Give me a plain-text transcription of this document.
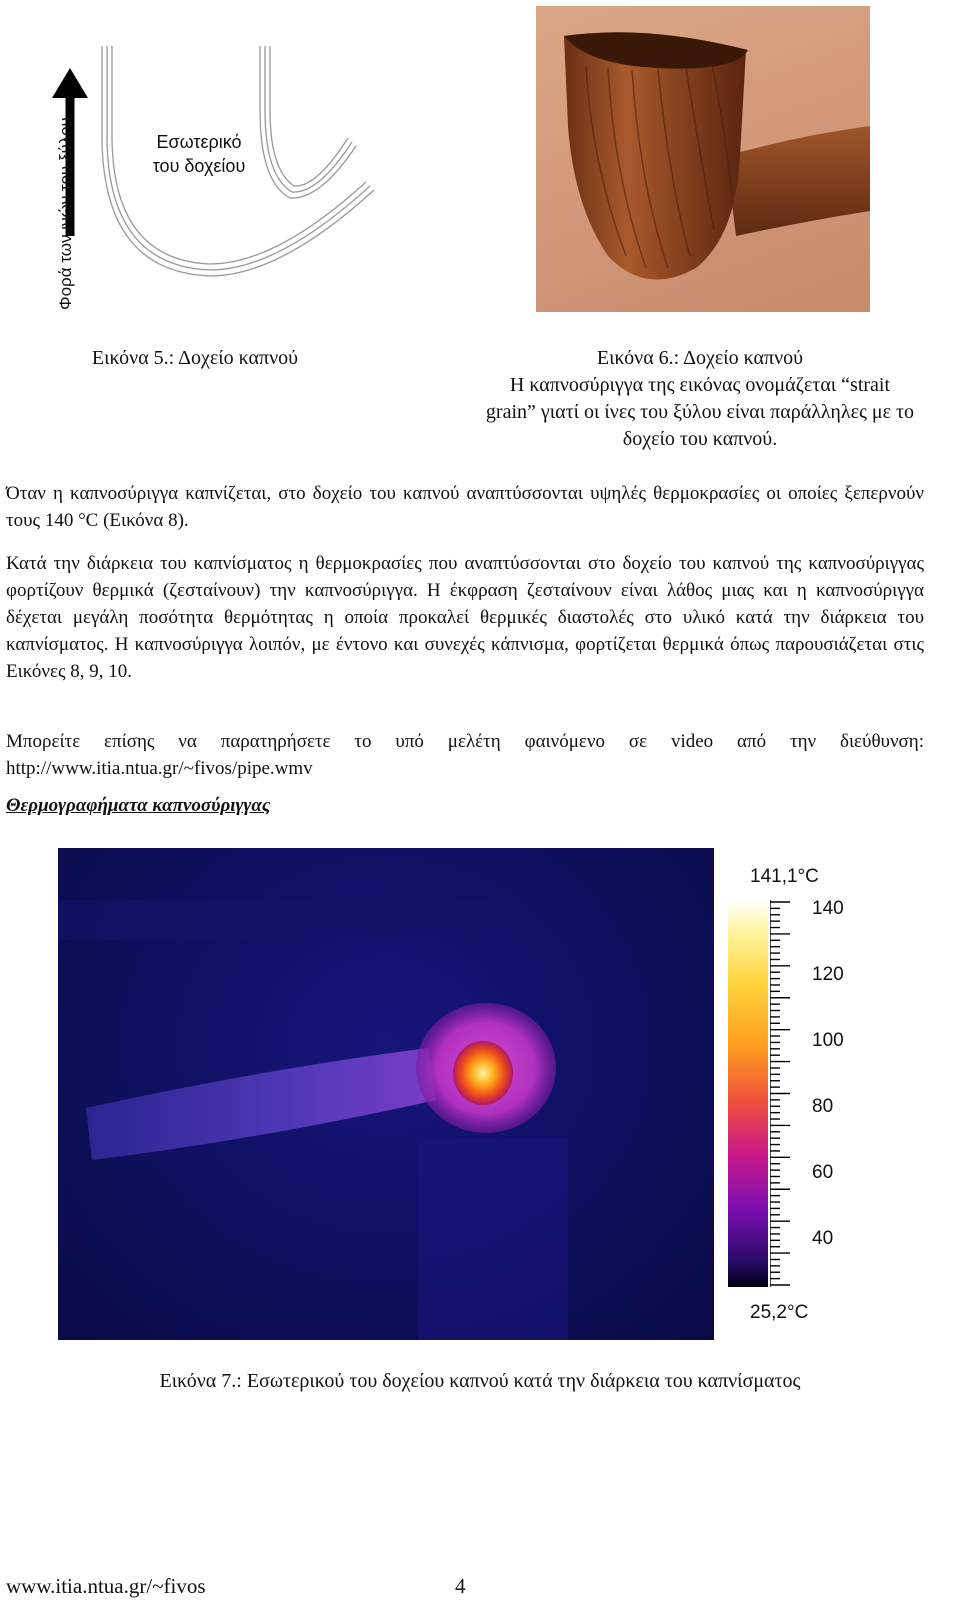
Φορά των ινών του ξύλου.	Εσωτερικό
του δοχείου
Εικόνα 5.: Δοχείο καπνού	Εικόνα 6.: Δοχείο καπνού
Η καπνοσύριγγα της εικόνας ονομάζεται “strait
grain” γιατί οι ίνες του ξύλου είναι παράλληλες με το
δοχείο του καπνού.
Όταν η καπνοσύριγγα καπνίζεται, στο δοχείο του καπνού αναπτύσσονται υψηλές θερμοκρασίες οι οποίες ξεπερνούν τους 140 °C (Εικόνα 8).
Κατά την διάρκεια του καπνίσματος η θερμοκρασίες που αναπτύσσονται στο δοχείο του καπνού της καπνοσύριγγας φορτίζουν θερμικά (ζεσταίνουν) την καπνοσύριγγα. Η έκφραση ζεσταίνουν είναι λάθος μιας και η καπνοσύριγγα δέχεται μεγάλη ποσότητα θερμότητας η οποία προκαλεί θερμικές διαστολές στο υλικό κατά την διάρκεια του καπνίσματος. Η καπνοσύριγγα λοιπόν, με έντονο και συνεχές κάπνισμα, φορτίζεται θερμικά όπως παρουσιάζεται στις Εικόνες 8, 9, 10.
Μπορείτε επίσης να παρατηρήσετε το υπό μελέτη φαινόμενο σε video από την διεύθυνση: http://www.itia.ntua.gr/~fivos/pipe.wmv
Θερμογραφήματα καπνοσύριγγας
141,1°C
140
120
100
80
60
40
25,2°C
Εικόνα 7.: Εσωτερικού του δοχείου καπνού κατά την διάρκεια του καπνίσματος
www.itia.ntua.gr/~fivos	4
